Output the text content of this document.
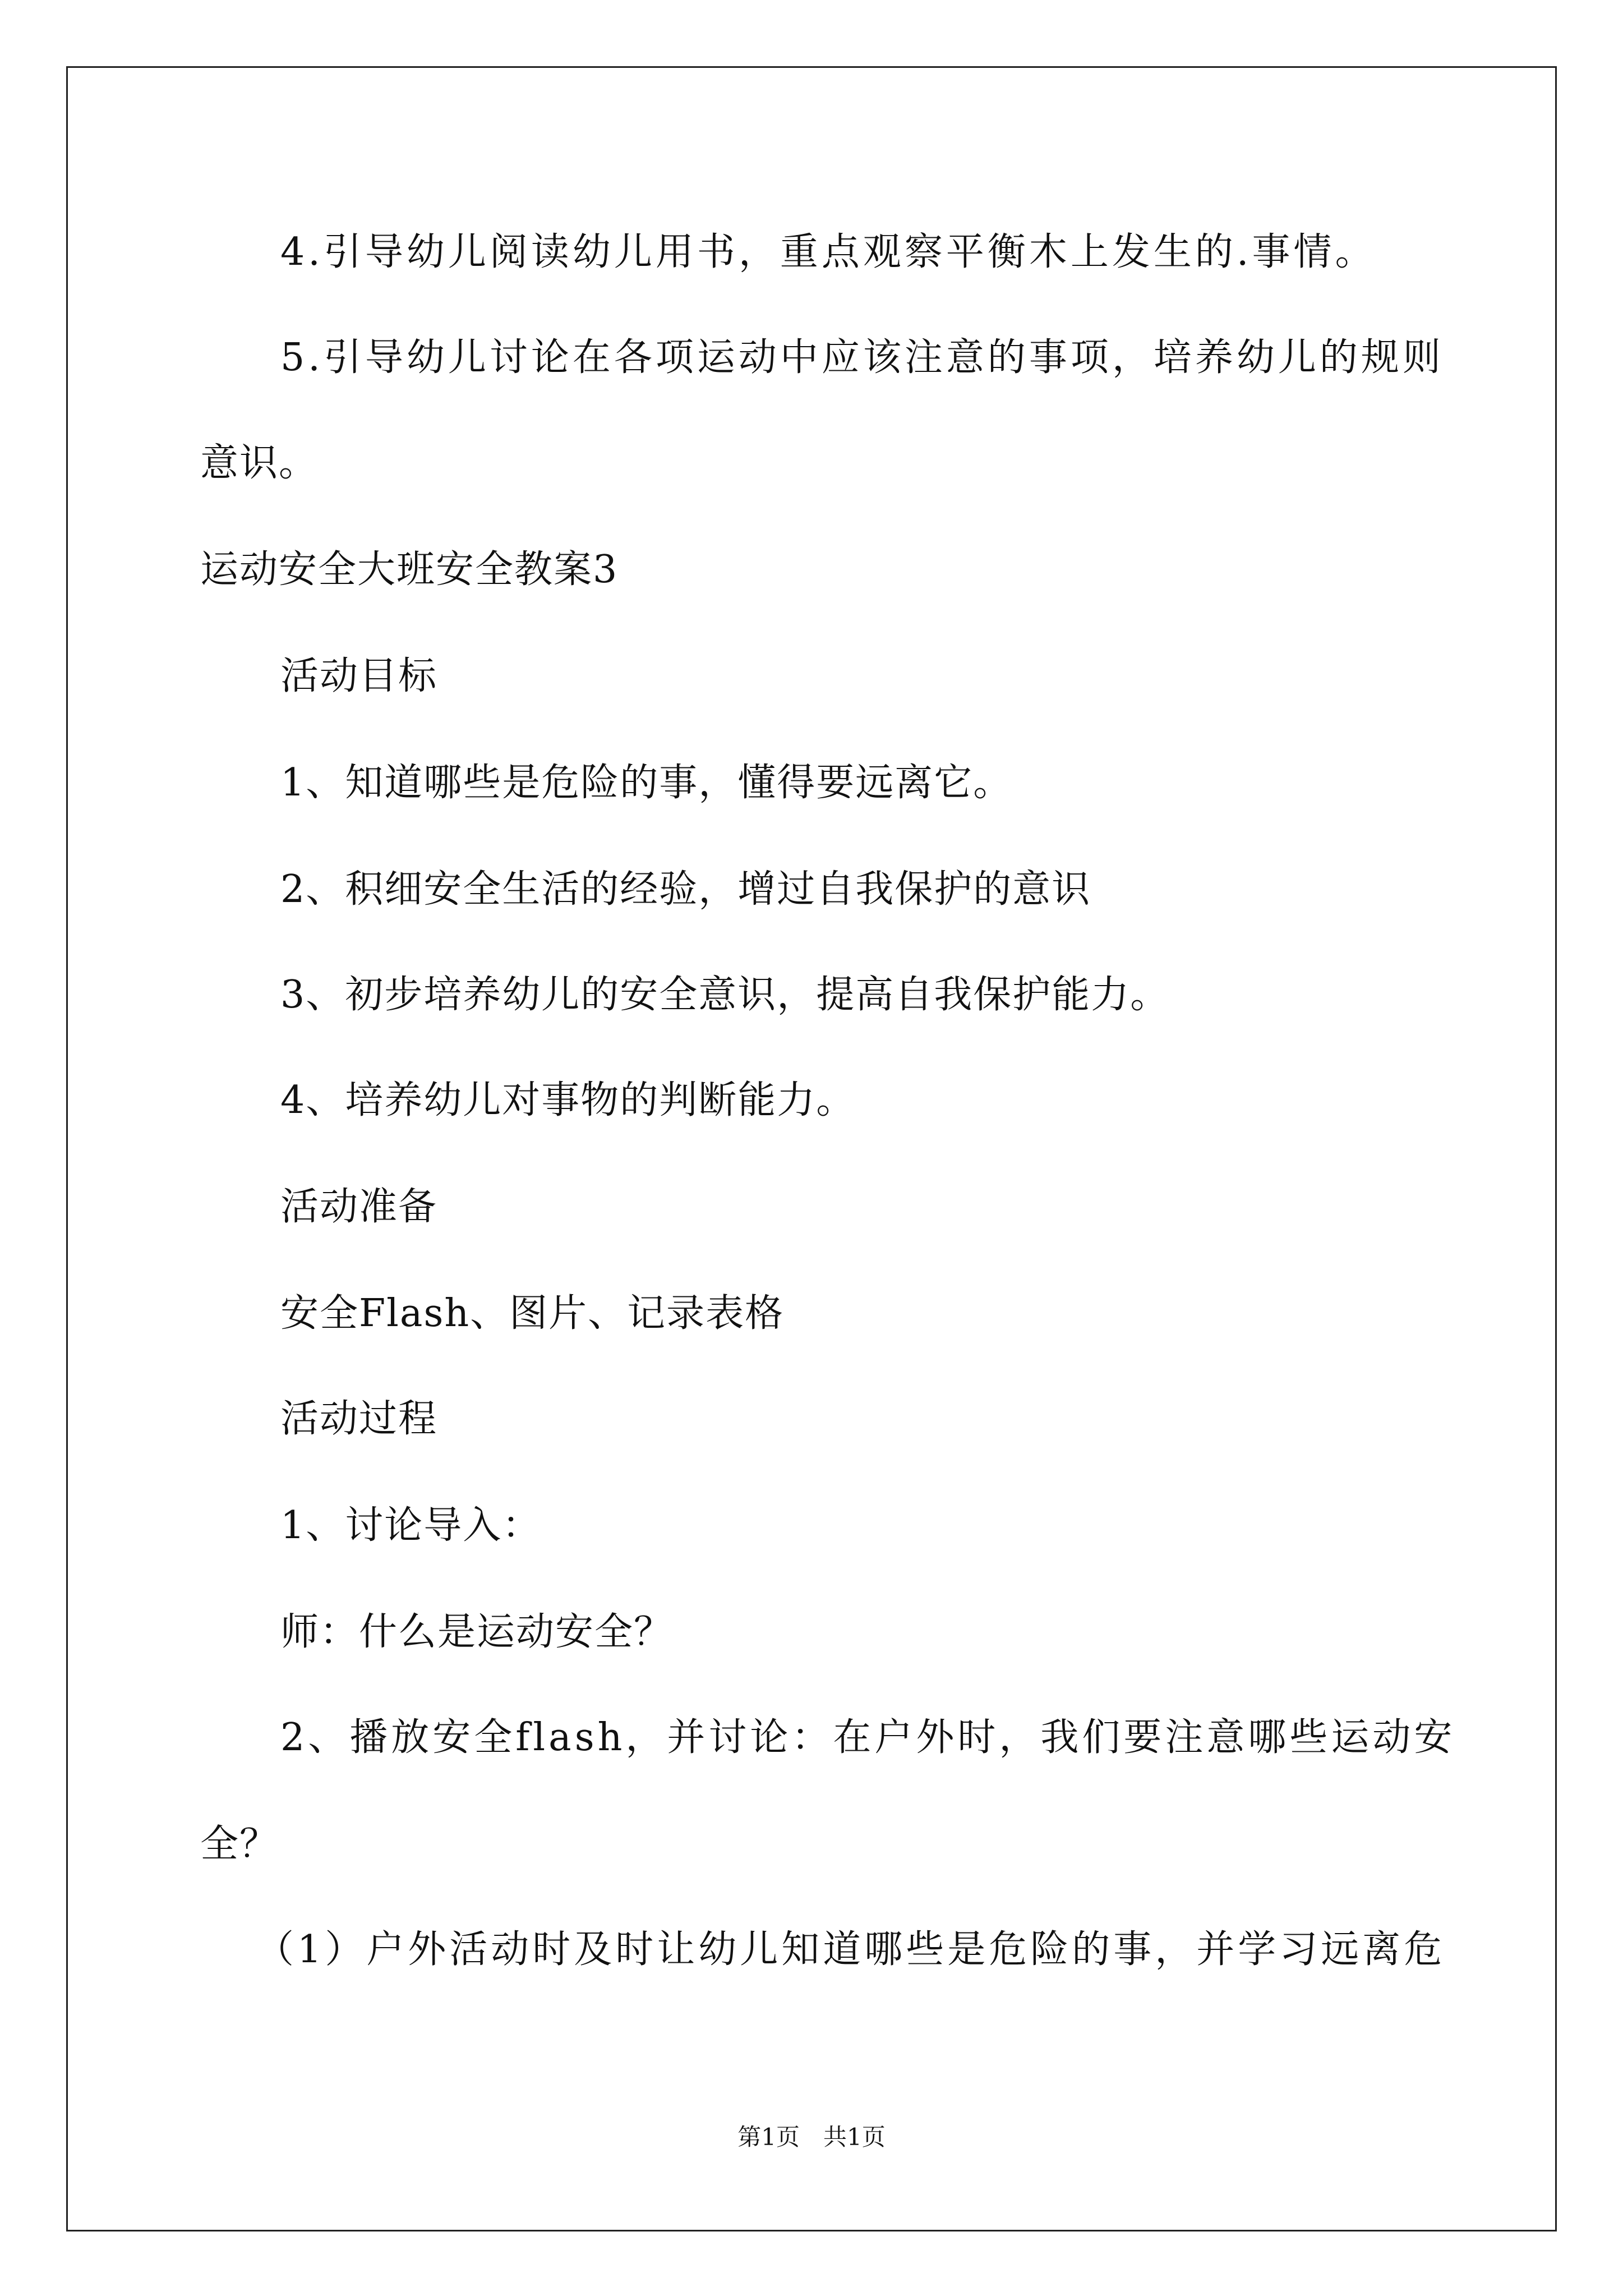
4.引导幼儿阅读幼儿用书，重点观察平衡木上发生的.事情。
5.引导幼儿讨论在各项运动中应该注意的事项，培养幼儿的规则
意识。
运动安全大班安全教案3
活动目标
1、知道哪些是危险的事，懂得要远离它。
2、积细安全生活的经验，增过自我保护的意识
3、初步培养幼儿的安全意识，提高自我保护能力。
4、培养幼儿对事物的判断能力。
活动准备
安全Flash、图片、记录表格
活动过程
1、讨论导入：
师：什么是运动安全？
2、播放安全flash，并讨论：在户外时，我们要注意哪些运动安
全？
（1）户外活动时及时让幼儿知道哪些是危险的事，并学习远离危
第1页 共1页
